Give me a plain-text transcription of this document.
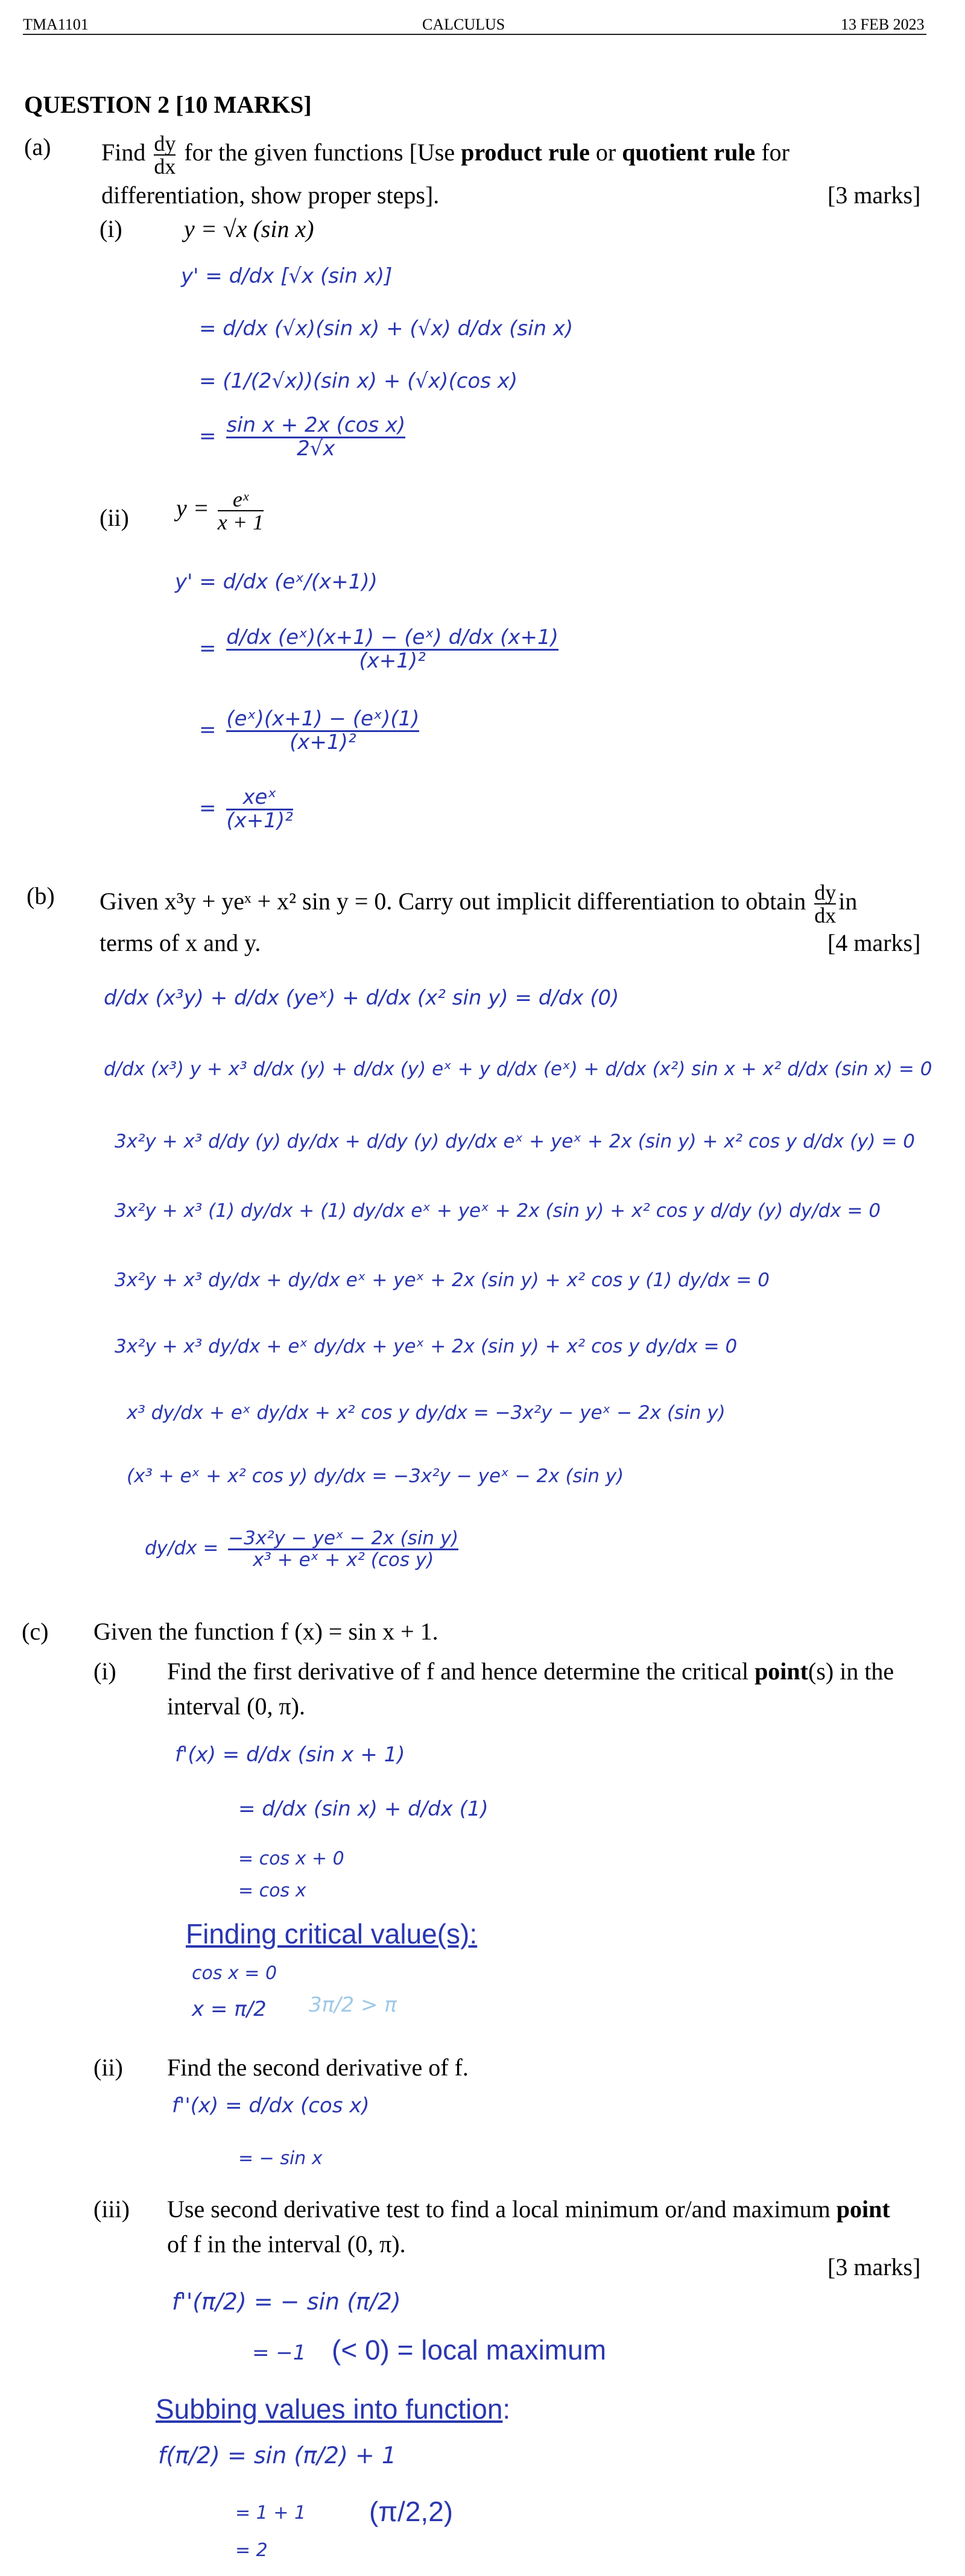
TMA1101	CALCULUS	13 FEB 2023
QUESTION 2 [10 MARKS]
(a) Find $\frac{dy}{dx}$ for the given functions [Use product rule or quotient rule for
differentiation, show proper steps].	[3 marks]
(i)	y = √x (sin x)
y' = d/dx [√x (sin x)]
= d/dx (√x)(sin x) + (√x) d/dx (sin x)
= (1/(2√x))(sin x) + (√x)(cos x)
= $\frac{\text{sin x + 2x (cos x)}}{2√x}$
(ii) $y = \frac{\text{eˣ}}{x + 1}$
y' = d/dx (eˣ/(x+1))
= $\frac{\text{d/dx (eˣ)(x+1) − (eˣ) d/dx (x+1)}}{\text{(x+1)²}}$
= $\frac{\text{(eˣ)(x+1) − (eˣ)(1)}}{\text{(x+1)²}}$
= $\frac{\text{xeˣ}}{\text{(x+1)²}}$
(b) Given x³y + yeˣ + x² sin y = 0. Carry out implicit differentiation to obtain $\frac{dy}{dx}$ in
terms of x and y.	[4 marks]
d/dx (x³y) + d/dx (yeˣ) + d/dx (x² sin y) = d/dx (0)
d/dx (x³) y + x³ d/dx (y) + d/dx (y) eˣ + y d/dx (eˣ) + d/dx (x²) sin x + x² d/dx (sin x) = 0
3x²y + x³ d/dy (y) dy/dx + d/dy (y) dy/dx eˣ + yeˣ + 2x (sin y) + x² cos y d/dx (y) = 0
3x²y + x³ (1) dy/dx + (1) dy/dx eˣ + yeˣ + 2x (sin y) + x² cos y d/dy (y) dy/dx = 0
3x²y + x³ dy/dx + dy/dx eˣ + yeˣ + 2x (sin y) + x² cos y (1) dy/dx = 0
3x²y + x³ dy/dx + eˣ dy/dx + yeˣ + 2x (sin y) + x² cos y dy/dx = 0
x³ dy/dx + eˣ dy/dx + x² cos y dy/dx = −3x²y − yeˣ − 2x (sin y)
(x³ + eˣ + x² cos y) dy/dx = −3x²y − yeˣ − 2x (sin y)
$dy/dx = \frac{\text{−3x²y − yeˣ − 2x (sin y)}}{\text{x³ + eˣ + x² (cos y)}}$
(c) Given the function f (x) = sin x + 1.
(i) Find the first derivative of f and hence determine the critical point(s) in the
interval (0, π).
f'(x) = d/dx (sin x + 1)
= d/dx (sin x) + d/dx (1)
= cos x + 0
= cos x
Finding critical value(s):
cos x = 0
x = π/2 3π/2 > π
(ii) Find the second derivative of f.
f''(x) = d/dx (cos x)
= − sin x
(iii) Use second derivative test to find a local minimum or/and maximum point
of f in the interval (0, π).
[3 marks]
f''(π/2) = − sin (π/2)
= −1 (< 0) = local maximum
Subbing values into function:
f(π/2) = sin (π/2) + 1
= 1 + 1 (π/2,2)
= 2
